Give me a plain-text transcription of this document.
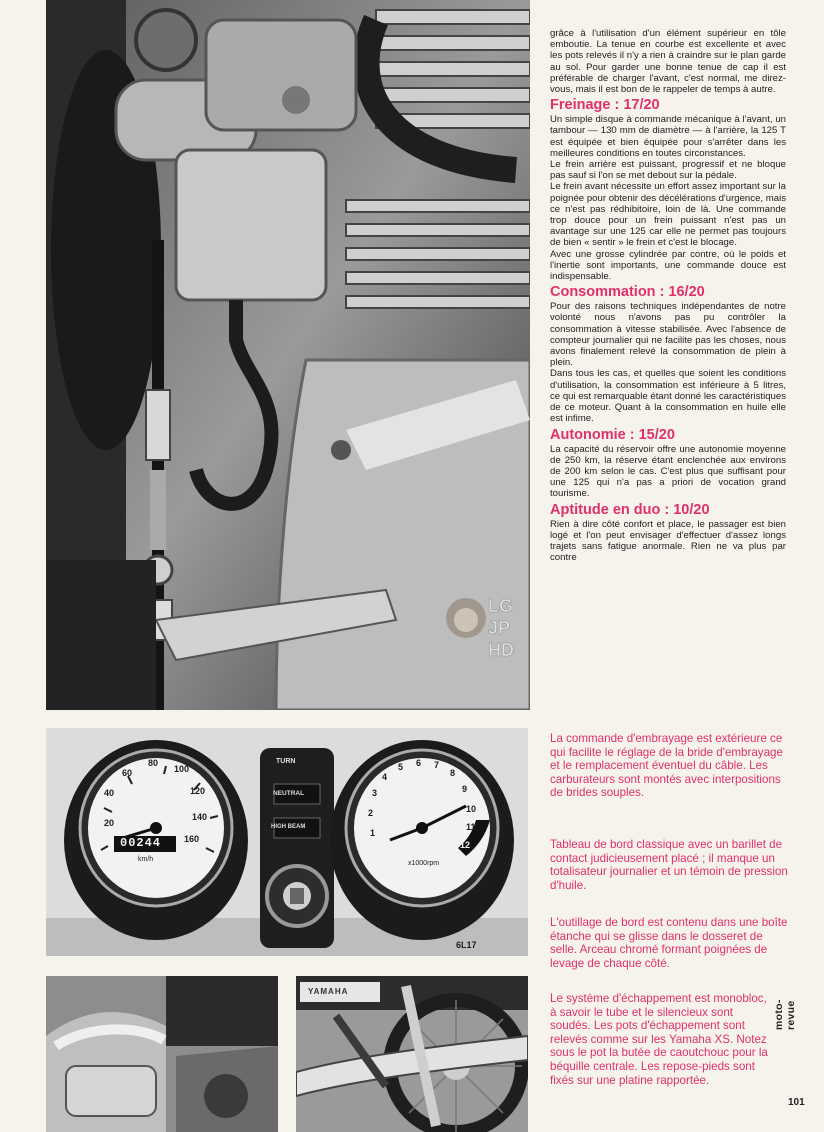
LG
JP
HD

grâce à l'utilisation d'un élément supérieur en tôle emboutie. La tenue en courbe est excellente et avec les pots relevés il n'y a rien à craindre sur le plan garde au sol. Pour garder une bonne tenue de cap il est préférable de charger l'avant, c'est normal, me direz-vous, mais il est bon de le rappeler de temps à autre.

Freinage : 17/20

Un simple disque à commande mécanique à l'avant, un tambour — 130 mm de diamètre — à l'arrière, la 125 T est équipée et bien équipée pour s'arrêter dans les meilleures conditions en toutes circonstances.

Le frein arrière est puissant, progressif et ne bloque pas sauf si l'on se met debout sur la pédale.

Le frein avant nécessite un effort assez important sur la poignée pour obtenir des décélérations d'urgence, mais ce n'est pas rédhibitoire, loin de là. Une commande trop douce pour un frein puissant n'est pas un avantage sur une 125 car elle ne permet pas toujours de bien « sentir » le frein et c'est le blocage.

Avec une grosse cylindrée par contre, où le poids et l'inertie sont importants, une commande douce est indispensable.

Consommation : 16/20

Pour des raisons techniques indépendantes de notre volonté nous n'avons pas pu contrôler la consommation à vitesse stabilisée. Avec l'absence de compteur journalier qui ne facilite pas les choses, nous avons finalement relevé la consommation de plein à plein.

Dans tous les cas, et quelles que soient les conditions d'utilisation, la consommation est inférieure à 5 litres, ce qui est remarquable étant donné les caractéristiques de ce moteur. Quant à la consommation en huile elle est infime.

Autonomie : 15/20

La capacité du réservoir offre une autonomie moyenne de 250 km, la réserve étant enclenchée aux environs de 200 km selon le cas. C'est plus que suffisant pour une 125 qui n'a pas a priori de vocation grand tourisme.

Aptitude en duo : 10/20

Rien à dire côté confort et place, le passager est bien logé et l'on peut envisager d'effectuer d'assez longs trajets sans fatigue anormale. Rien ne va plus par contre

20
40
60
80
100
120
140
160
00244
km/h
TURN
NEUTRAL
HIGH BEAM
1
2
3
4
5 6 7
8
9
10
11
12
x1000rpm
6L17
YAMAHA

La commande d'embrayage est extérieure ce qui facilite le réglage de la bride d'embrayage et le remplacement éventuel du câble. Les carburateurs sont montés avec interpositions de brides souples.

Tableau de bord classique avec un barillet de contact judicieusement placé ; il manque un totalisateur journalier et un témoin de pression d'huile.

L'outillage de bord est contenu dans une boîte étanche qui se glisse dans le dosseret de selle. Arceau chromé formant poignées de levage de chaque côté.

Le système d'échappement est monobloc, à savoir le tube et le silencieux sont soudés. Les pots d'échappement sont relevés comme sur les Yamaha XS. Notez sous le pot la butée de caoutchouc pour la béquille centrale. Les repose-pieds sont fixés sur une platine rapportée.

moto-revue
101
